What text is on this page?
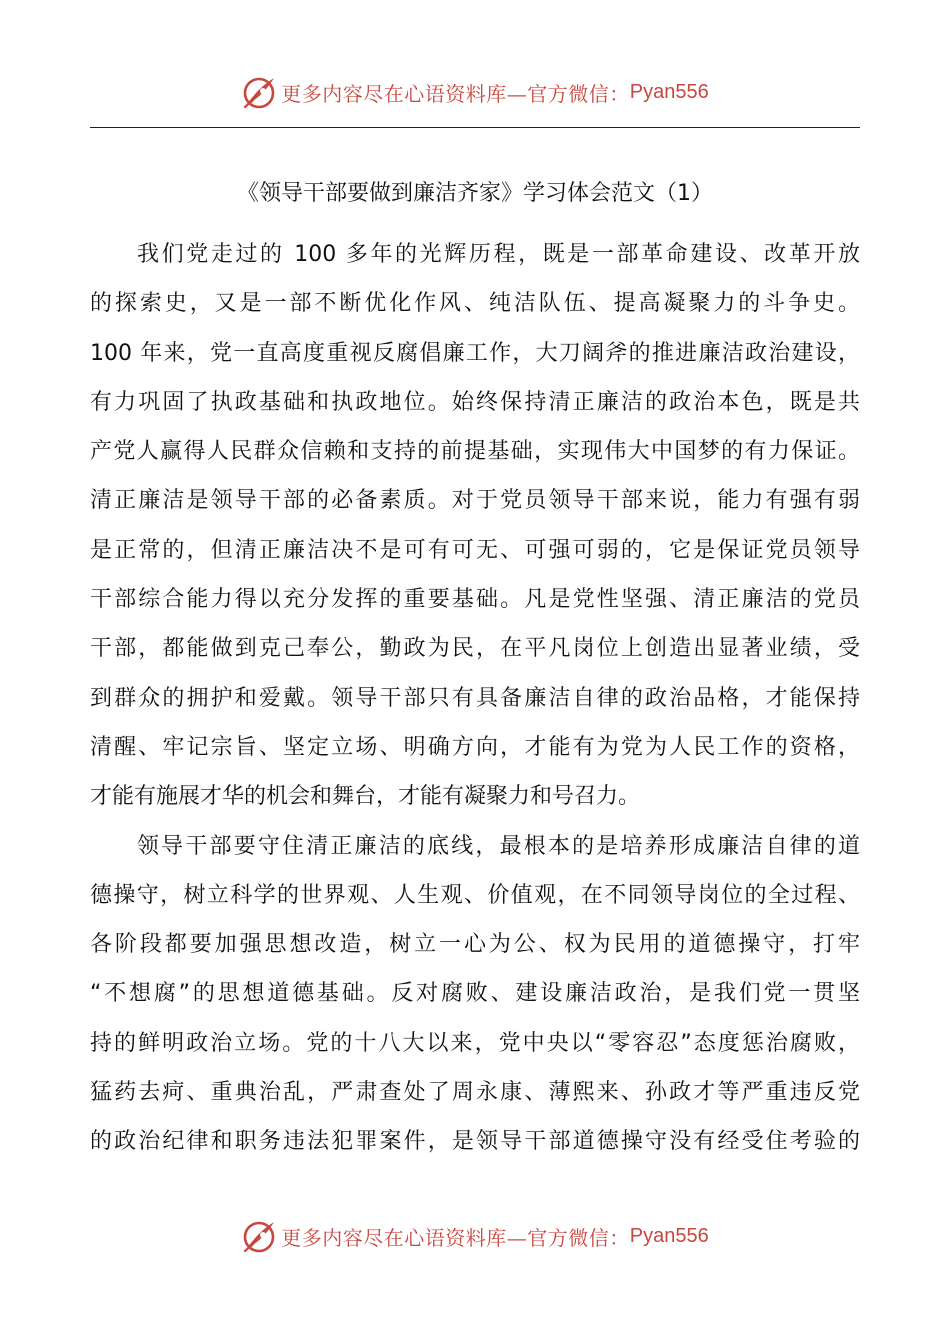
更多内容尽在心语资料库—官方微信： Pyan556
《领导干部要做到廉洁齐家》学习体会范文（1）
我们党走过的 100 多年的光辉历程，既是一部革命建设、改革开放
的探索史，又是一部不断优化作风、纯洁队伍、提高凝聚力的斗争史。
100 年来，党一直高度重视反腐倡廉工作，大刀阔斧的推进廉洁政治建设，
有力巩固了执政基础和执政地位。始终保持清正廉洁的政治本色，既是共
产党人赢得人民群众信赖和支持的前提基础，实现伟大中国梦的有力保证。
清正廉洁是领导干部的必备素质。对于党员领导干部来说，能力有强有弱
是正常的，但清正廉洁决不是可有可无、可强可弱的，它是保证党员领导
干部综合能力得以充分发挥的重要基础。凡是党性坚强、清正廉洁的党员
干部，都能做到克己奉公，勤政为民，在平凡岗位上创造出显著业绩，受
到群众的拥护和爱戴。领导干部只有具备廉洁自律的政治品格，才能保持
清醒、牢记宗旨、坚定立场、明确方向，才能有为党为人民工作的资格，
才能有施展才华的机会和舞台，才能有凝聚力和号召力。
领导干部要守住清正廉洁的底线，最根本的是培养形成廉洁自律的道
德操守，树立科学的世界观、人生观、价值观，在不同领导岗位的全过程、
各阶段都要加强思想改造，树立一心为公、权为民用的道德操守，打牢
“不想腐”的思想道德基础。反对腐败、建设廉洁政治，是我们党一贯坚
持的鲜明政治立场。党的十八大以来，党中央以“零容忍”态度惩治腐败，
猛药去疴、重典治乱，严肃查处了周永康、薄熙来、孙政才等严重违反党
的政治纪律和职务违法犯罪案件，是领导干部道德操守没有经受住考验的
更多内容尽在心语资料库—官方微信： Pyan556
